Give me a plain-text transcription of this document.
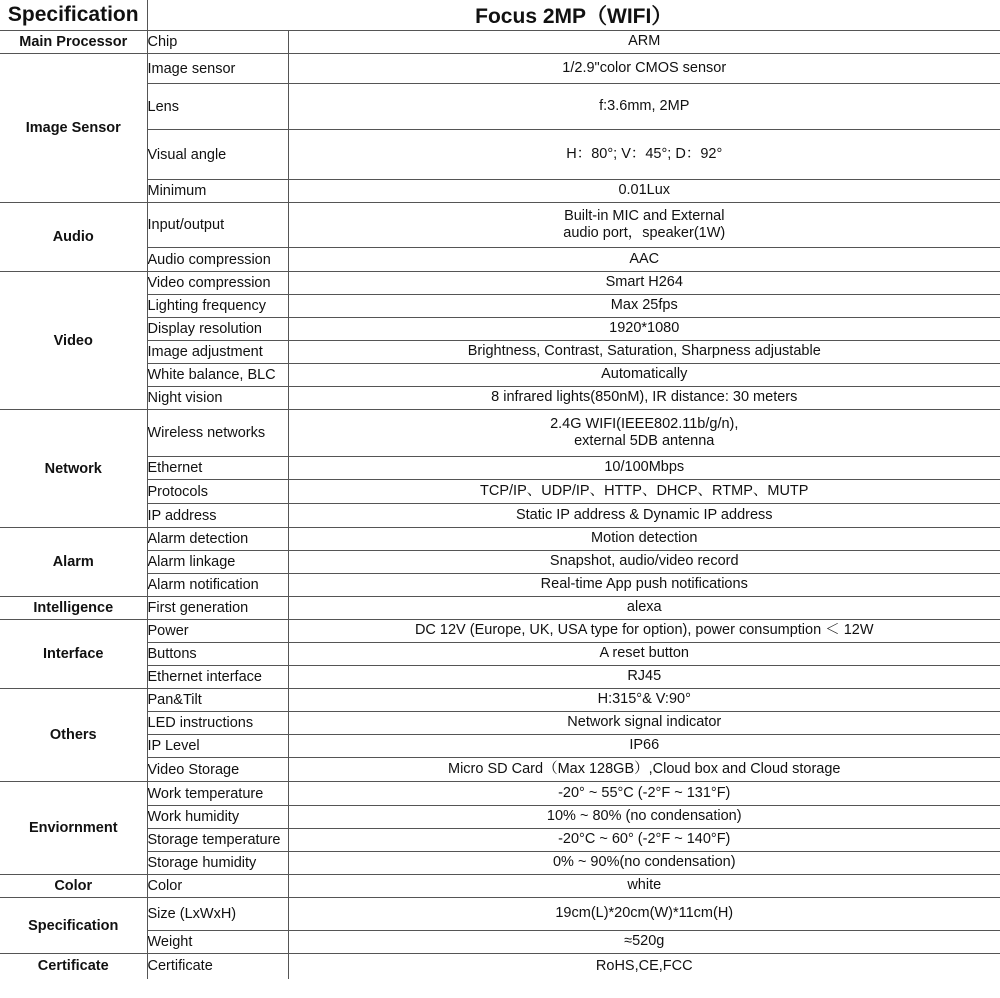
Specification	Focus 2MP（WIFI）	
Main Processor	Chip	ARM
Image Sensor	Image sensor	1/2.9"color CMOS sensor
	Lens	f:3.6mm, 2MP
	Visual angle	H：80°; V：45°; D：92°
	Minimum	0.01Lux
Audio	Input/output	Built-in MIC and External
audio port，speaker(1W)
	Audio compression	AAC
Video	Video compression	Smart H264
	Lighting frequency	Max 25fps
	Display resolution	1920*1080
	Image adjustment	Brightness, Contrast, Saturation, Sharpness adjustable
	White balance, BLC	Automatically
	Night vision	8 infrared lights(850nM), IR distance: 30 meters
Network	Wireless networks	2.4G WIFI(IEEE802.11b/g/n),
external 5DB antenna
	Ethernet	10/100Mbps
	Protocols	TCP/IP、UDP/IP、HTTP、DHCP、RTMP、MUTP
	IP address	Static IP address & Dynamic IP address
Alarm	Alarm detection	Motion detection
	Alarm linkage	Snapshot, audio/video record
	Alarm notification	Real-time App push notifications
Intelligence	First generation	alexa
Interface	Power	DC 12V (Europe, UK, USA type for option), power consumption ＜ 12W
	Buttons	A reset button
	Ethernet interface	RJ45
Others	Pan&Tilt	H:315°& V:90°
	LED instructions	Network signal indicator
	IP Level	IP66
	Video Storage	Micro SD Card（Max 128GB）,Cloud box and Cloud storage
Enviornment	Work temperature	-20° ~ 55°C (-2°F ~ 131°F)
	Work humidity	10% ~ 80% (no condensation)
	Storage temperature	-20°C ~ 60° (-2°F ~ 140°F)
	Storage humidity	0% ~ 90%(no condensation)
Color	Color	white
Specification	Size (LxWxH)	19cm(L)*20cm(W)*11cm(H)
	Weight	≈520g
Certificate	Certificate	RoHS,CE,FCC
